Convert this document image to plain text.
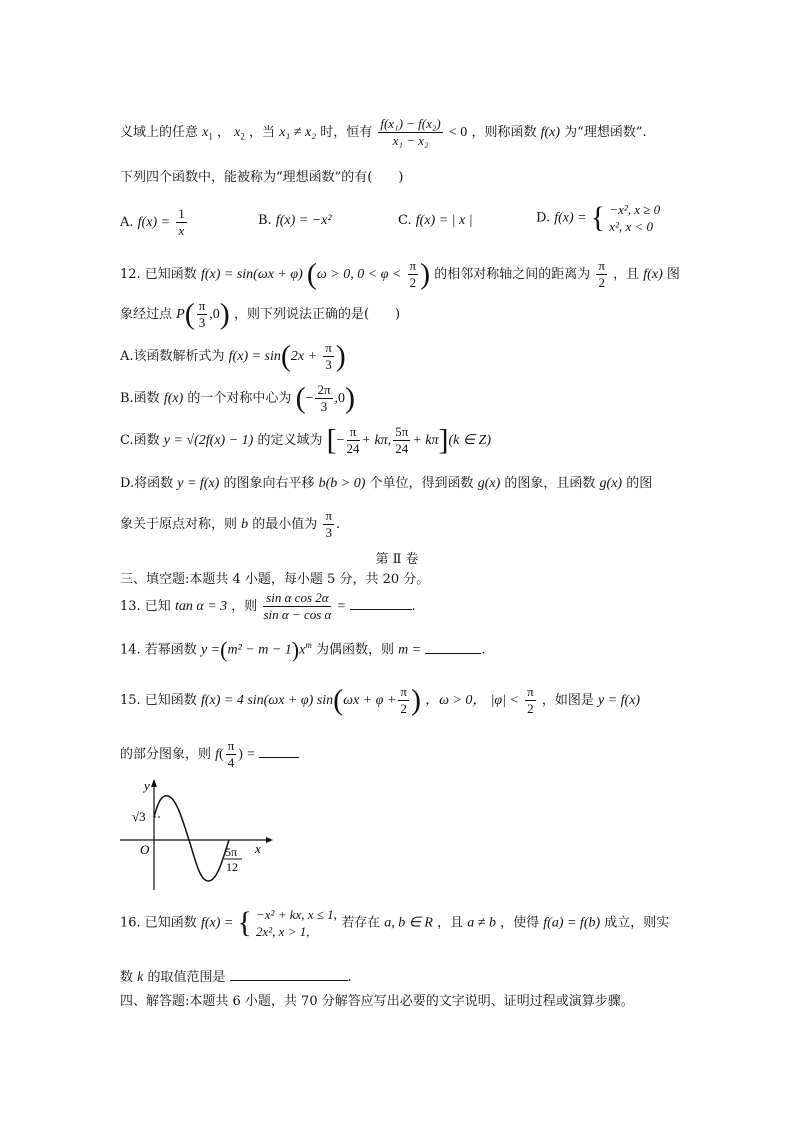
义域上的任意 $x_1$ ， $x_2$ ，当 x₁ ≠ x₂ 时，恒有 $\frac{\text{f(x₁) − f(x₂)}}{\text{x₁ − x₂}} < 0$ ，则称函数 f(x) 为“理想函数”.
下列四个函数中，能被称为“理想函数”的有(　　)
A. $f(x) = \frac{1}{x}$	B. f(x) = −x²	C. f(x) = | x |	D. f(x) = { −x², x ≥ 0
x², x < 0
12. 已知函数 f(x) = sin(ωx + φ) (ω > 0, $0 < \varphi < \frac{\pi}{2}$ ) 的相邻对称轴之间的距离为 $\frac{\pi}{2}$ ，且 f(x) 图
象经过点 $P( \frac{\pi}{3} ,0)$ ，则下列说法正确的是(　　)
A.该函数解析式为 $f(x) = \sin(2x + \frac{\pi}{3}$ )
B.函数 f(x) 的一个对称中心为 (− $\frac{2\pi}{3} ,0$)
C.函数 y = √(2f(x) − 1) 的定义域为 [− $\frac{\pi}{24} + k\pi$, $\frac{5\pi}{24} + k\pi](k$ ∈ Z)
D.将函数 y = f(x) 的图象向右平移 b(b > 0) 个单位，得到函数 g(x) 的图象，且函数 g(x) 的图
象关于原点对称，则 b 的最小值为 $\frac{\pi}{3}$ .
第 Ⅱ 卷
三、填空题:本题共 4 小题，每小题 5 分，共 20 分。
13. 已知 tan α = 3 ，则 $\frac{\text{sin α cos 2α}}{\text{sin α − cos α}}$ =	.
14. 若幂函数 $y =(m^2 - m - 1)x^m$ 为偶函数，则 m =	.
15. 已知函数 f(x) = 4 sin(ωx + φ) $\sin(\omega x + \varphi + \frac{\pi}{2}$ ) ，ω > 0， $|\varphi| < \frac{\pi}{2}$ ，如图是 y = f(x)
的部分图象，则 $f( \frac{\pi}{4}$ ) =
y
x
O
√3
5π
12
16. 已知函数 f(x) = { −x² + kx, x ≤ 1,
2x², x > 1,
若存在 a, b ∈ R ，且 a ≠ b ，使得 f(a) = f(b) 成立，则实
数 k 的取值范围是	.
四、解答题:本题共 6 小题，共 70 分解答应写出必要的文字说明、证明过程或演算步骤。
